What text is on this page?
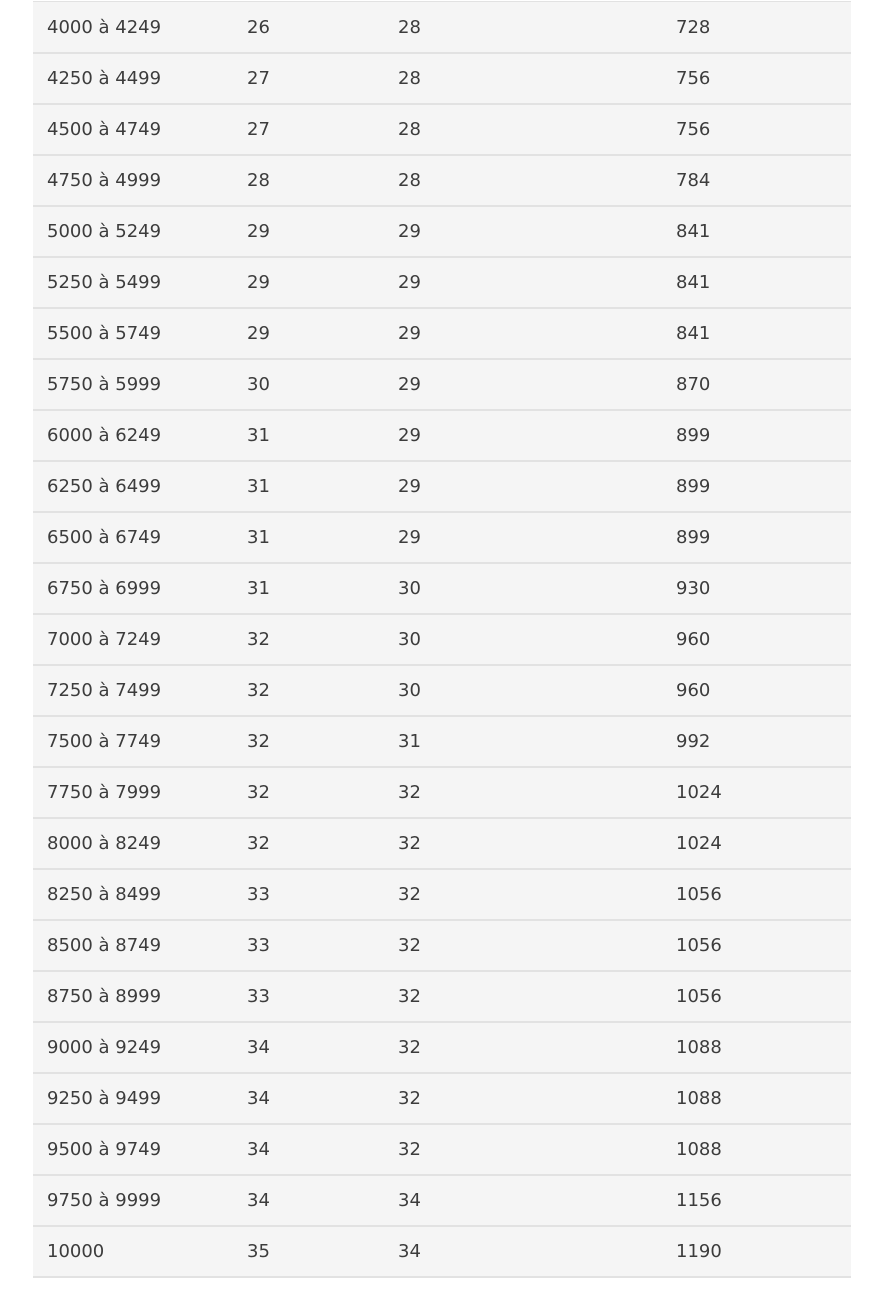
4000 à 4249	26	28	728
4250 à 4499	27	28	756
4500 à 4749	27	28	756
4750 à 4999	28	28	784
5000 à 5249	29	29	841
5250 à 5499	29	29	841
5500 à 5749	29	29	841
5750 à 5999	30	29	870
6000 à 6249	31	29	899
6250 à 6499	31	29	899
6500 à 6749	31	29	899
6750 à 6999	31	30	930
7000 à 7249	32	30	960
7250 à 7499	32	30	960
7500 à 7749	32	31	992
7750 à 7999	32	32	1024
8000 à 8249	32	32	1024
8250 à 8499	33	32	1056
8500 à 8749	33	32	1056
8750 à 8999	33	32	1056
9000 à 9249	34	32	1088
9250 à 9499	34	32	1088
9500 à 9749	34	32	1088
9750 à 9999	34	34	1156
10000	35	34	1190
